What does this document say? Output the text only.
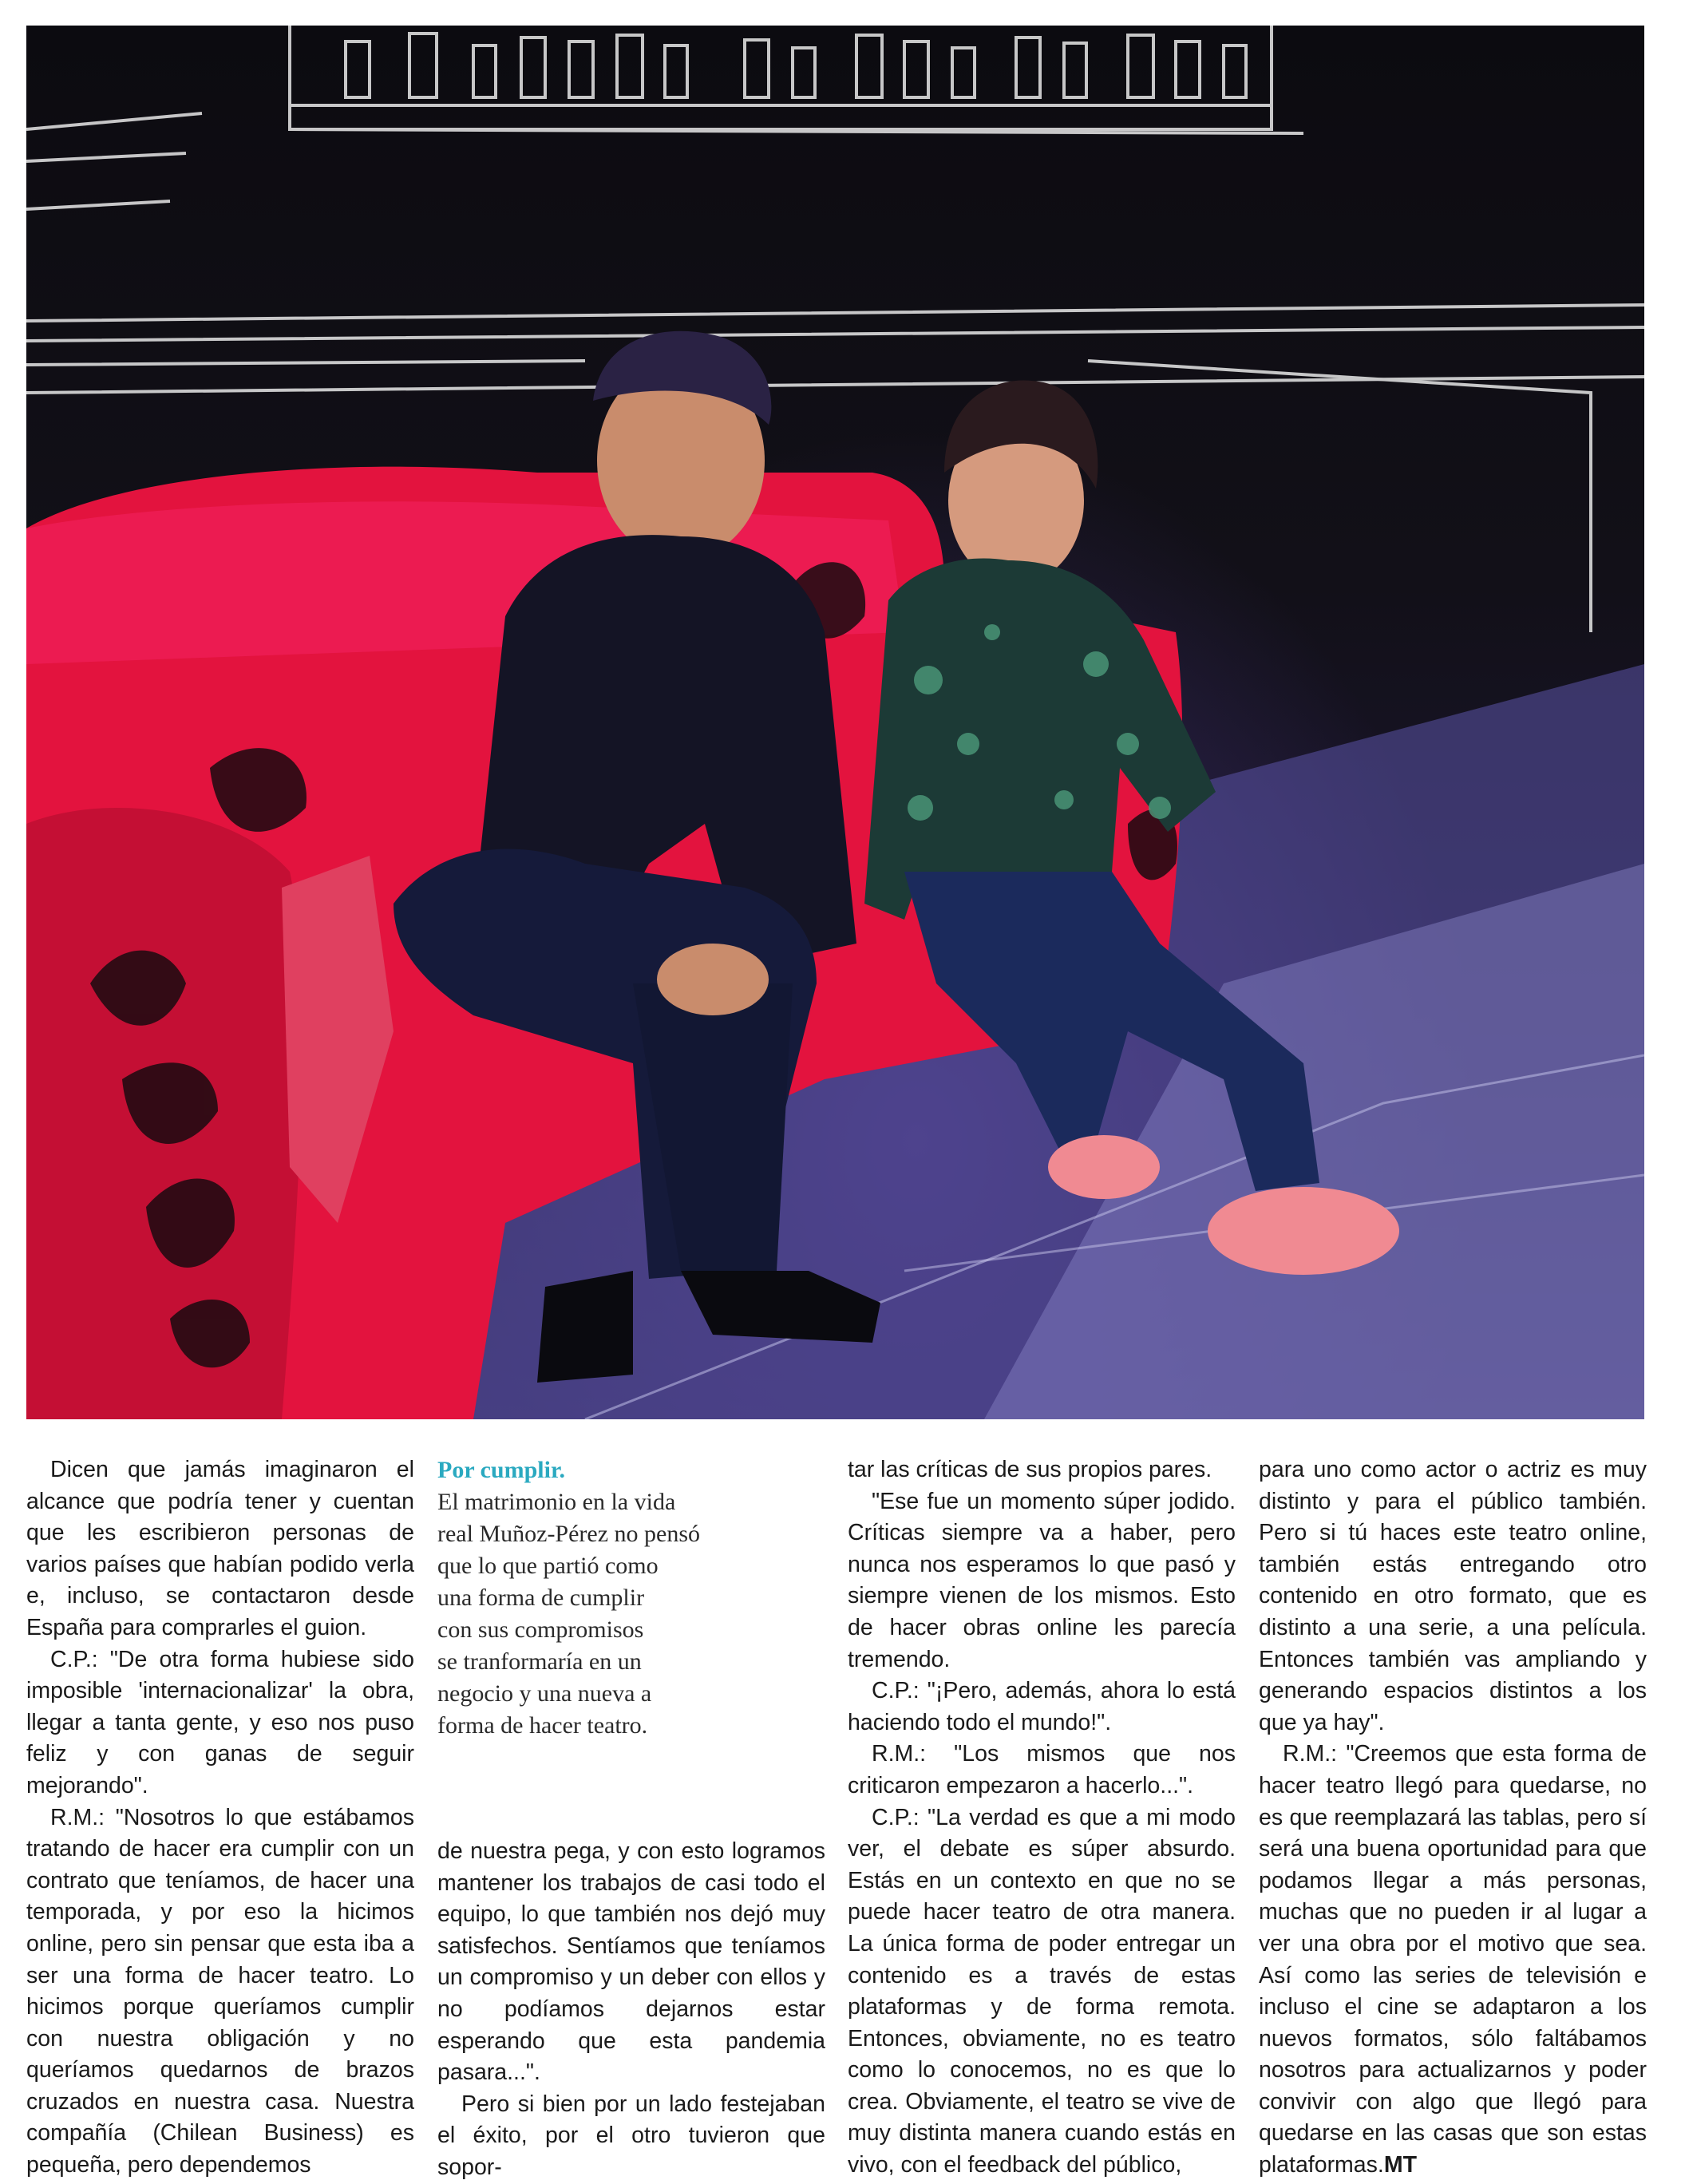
Dicen que jamás imaginaron el alcance que podría tener y cuentan que les escribieron personas de varios países que habían podido verla e, incluso, se contactaron desde España para comprarles el guion.

C.P.: "De otra forma hubiese sido imposible 'internacionalizar' la obra, llegar a tanta gente, y eso nos puso feliz y con ganas de seguir mejorando".

R.M.: "Nosotros lo que estábamos tratando de hacer era cumplir con un contrato que teníamos, de hacer una temporada, y por eso la hicimos online, pero sin pensar que esta iba a ser una forma de hacer teatro. Lo hicimos porque queríamos cumplir con nuestra obligación y no queríamos quedarnos de brazos cruzados en nuestra casa. Nuestra compañía (Chilean Business) es pequeña, pero dependemos

Por cumplir.
El matrimonio en la vida
real Muñoz-Pérez no pensó
que lo que partió como
una forma de cumplir
con sus compromisos
se tranformaría en un
negocio y una nueva a
forma de hacer teatro.

de nuestra pega, y con esto logramos mantener los trabajos de casi todo el equipo, lo que también nos dejó muy satisfechos. Sentíamos que teníamos un compromiso y un deber con ellos y no podíamos dejarnos estar esperando que esta pandemia pasara...".

Pero si bien por un lado festejaban el éxito, por el otro tuvieron que sopor-

tar las críticas de sus propios pares.

"Ese fue un momento súper jodido. Críticas siempre va a haber, pero nunca nos esperamos lo que pasó y siempre vienen de los mismos. Esto de hacer obras online les parecía tremendo.

C.P.: "¡Pero, además, ahora lo está haciendo todo el mundo!".

R.M.: "Los mismos que nos criticaron empezaron a hacerlo...".

C.P.: "La verdad es que a mi modo ver, el debate es súper absurdo. Estás en un contexto en que no se puede hacer teatro de otra manera. La única forma de poder entregar un contenido es a través de estas plataformas y de forma remota. Entonces, obviamente, no es teatro como lo conocemos, no es que lo crea. Obviamente, el teatro se vive de muy distinta manera cuando estás en vivo, con el feedback del público,

para uno como actor o actriz es muy distinto y para el público también. Pero si tú haces este teatro online, también estás entregando otro contenido en otro formato, que es distinto a una serie, a una película. Entonces también vas ampliando y generando espacios distintos a los que ya hay".

R.M.: "Creemos que esta forma de hacer teatro llegó para quedarse, no es que reemplazará las tablas, pero sí será una buena oportunidad para que podamos llegar a más personas, muchas que no pueden ir al lugar a ver una obra por el motivo que sea. Así como las series de televisión e incluso el cine se adaptaron a los nuevos formatos, sólo faltábamos nosotros para actualizarnos y poder convivir con algo que llegó para quedarse en las casas que son estas plataformas.MT
